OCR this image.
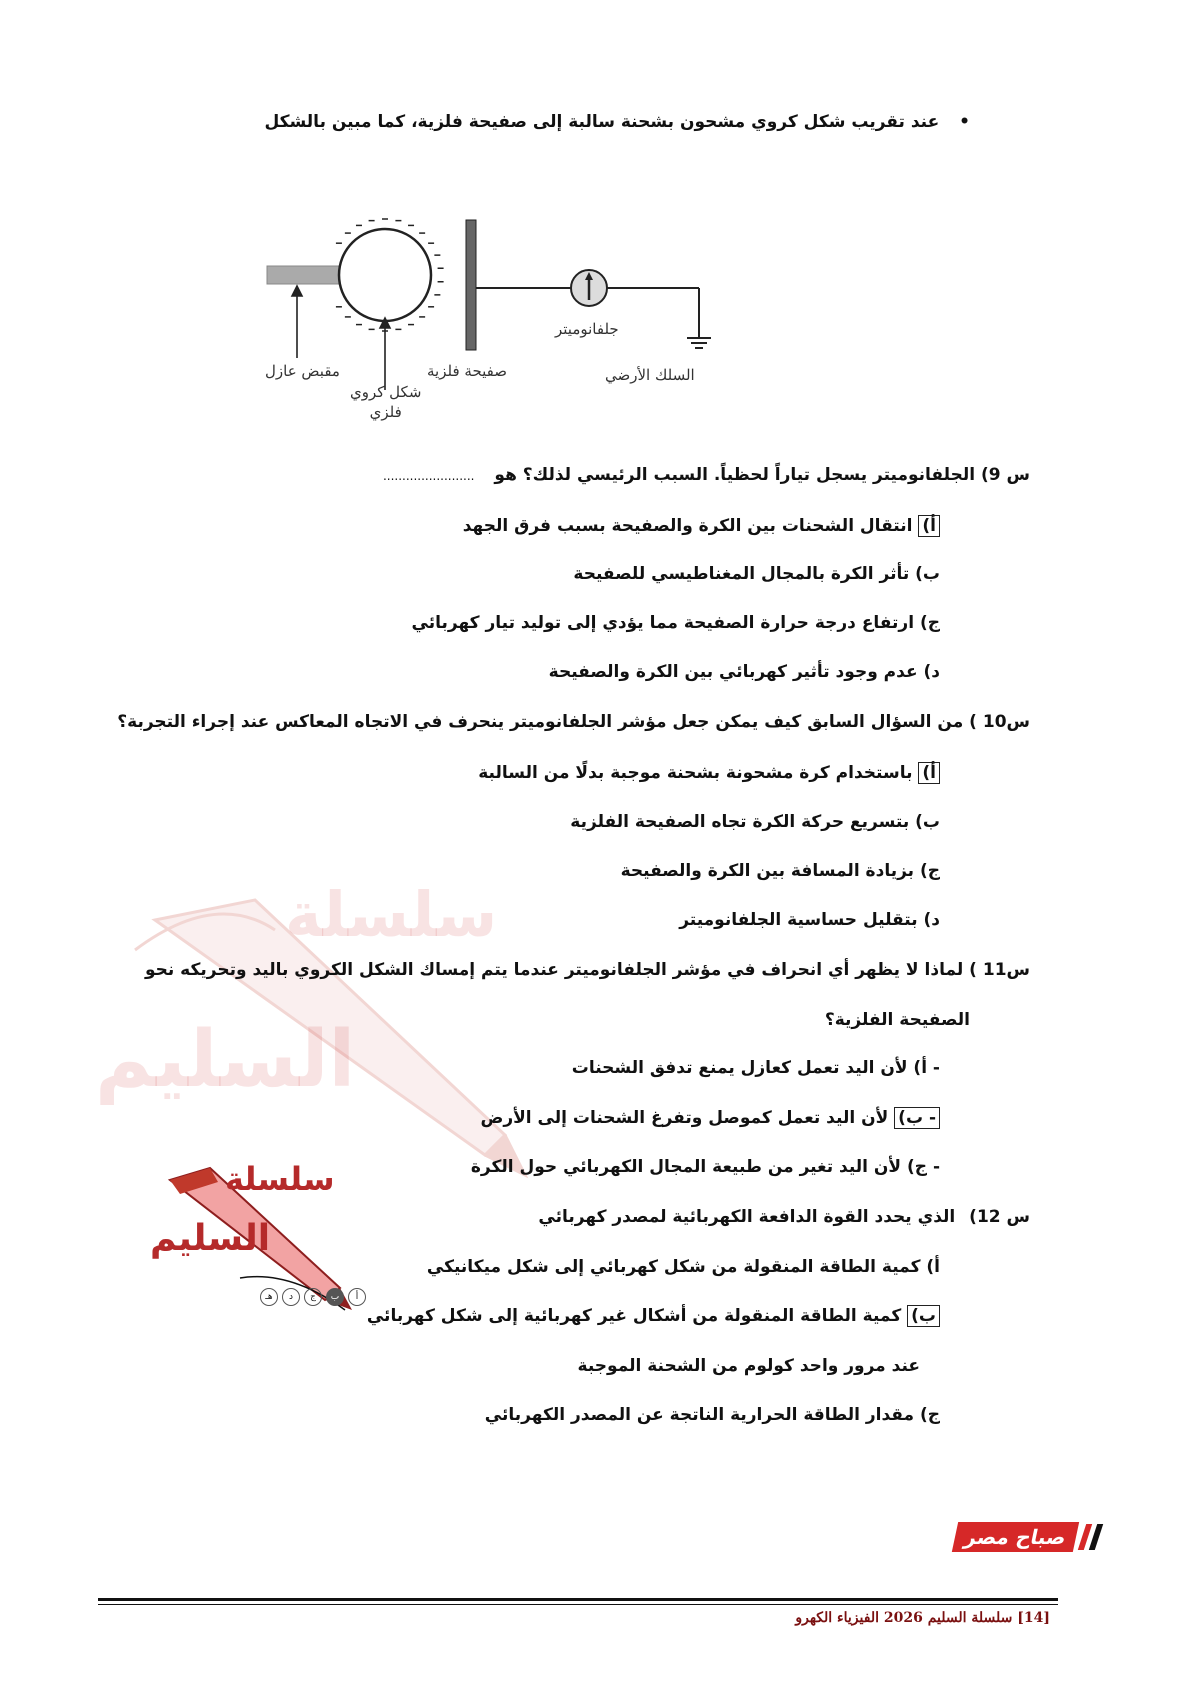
سلسلة
السليم
• عند تقريب شكل كروي مشحون بشحنة سالبة إلى صفيحة فلزية، كما مبين بالشكل
مقبض عازل
شكل كروي
فلزي
صفيحة فلزية
جلفانوميتر
السلك الأرضي
س 9) الجلفانوميتر يسجل تياراً لحظياً. السبب الرئيسي لذلك؟ هو ........................
أ) انتقال الشحنات بين الكرة والصفيحة بسبب فرق الجهد
ب) تأثر الكرة بالمجال المغناطيسي للصفيحة
ج) ارتفاع درجة حرارة الصفيحة مما يؤدي إلى توليد تيار كهربائي
د) عدم وجود تأثير كهربائي بين الكرة والصفيحة
س10 ) من السؤال السابق كيف يمكن جعل مؤشر الجلفانوميتر ينحرف في الاتجاه المعاكس عند إجراء التجربة؟
أ) باستخدام كرة مشحونة بشحنة موجبة بدلًا من السالبة
ب) بتسريع حركة الكرة تجاه الصفيحة الفلزية
ج) بزيادة المسافة بين الكرة والصفيحة
د) بتقليل حساسية الجلفانوميتر
س11 ) لماذا لا يظهر أي انحراف في مؤشر الجلفانوميتر عندما يتم إمساك الشكل الكروي باليد وتحريكه نحو
الصفيحة الفلزية؟
- أ) لأن اليد تعمل كعازل يمنع تدفق الشحنات
- ب) لأن اليد تعمل كموصل وتفرغ الشحنات إلى الأرض
- ج) لأن اليد تغير من طبيعة المجال الكهربائي حول الكرة
س 12) الذي يحدد القوة الدافعة الكهربائية لمصدر كهربائي
أ) كمية الطاقة المنقولة من شكل كهربائي إلى شكل ميكانيكي
ب) كمية الطاقة المنقولة من أشكال غير كهربائية إلى شكل كهربائي
عند مرور واحد كولوم من الشحنة الموجبة
ج) مقدار الطاقة الحرارية الناتجة عن المصدر الكهربائي
سلسلة
السليم
هـ	د	ج	ب	أ
صباح مصر
[14] سلسلة السليم 2026 الفيزياء الكهرو
